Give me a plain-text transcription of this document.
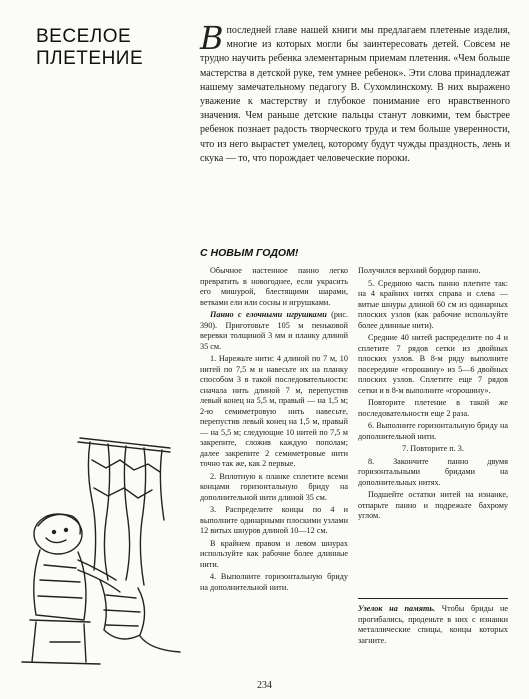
ВЕСЕЛОЕ
ПЛЕТЕНИЕ
В последней главе нашей книги мы предлагаем плетеные изделия, многие из которых могли бы заинтересовать детей. Совсем не трудно научить ребенка элементарным приемам плетения. «Чем больше мастерства в детской руке, тем умнее ребенок». Эти слова принадлежат нашему замечательному педагогу В. Сухомлинскому. В них выражено уважение к мастерству и глубокое понимание его нравственного значения. Чем раньше детские пальцы станут ловкими, тем быстрее ребенок познает радость творческого труда и тем больше уверенности, что из него вырастет умелец, которому будут чужды праздность, лень и скука — то, что порождает человеческие пороки.
С НОВЫМ ГОДОМ!

Обычное настенное панно легко превратить в новогоднее, если украсить его мишурой, блестящими шарами, ветками ели или сосны и игрушками.

Панно с елочными игрушками (рис. 390). Приготовьте 105 м пеньковой веревки толщиной 3 мм и планку длиной 35 см.

1. Нарежьте нити: 4 длиной по 7 м, 10 нитей по 7,5 м и навесьте их на планку способом 3 в такой последовательности: сначала нить длиной 7 м, перепустив левый конец на 5,5 м, правый — на 1,5 м; 2-ю семиметровую нить навесьте, перепустив левый конец на 1,5 м, правый — на 5,5 м; следующие 10 нитей по 7,5 м закрепите, сложив каждую пополам; далее закрепите 2 семиметровые нити точно так же, как 2 первые.

2. Вплотную к планке сплетите всеми концами горизонтальную бриду на дополнительной нити длиной 35 см.

3. Распределите концы по 4 и выполните одинарными плоскими узлами 12 витых шнуров длиной 10—12 см.

В крайнем правом и левом шнурах используйте как рабочие более длинные нити.

4. Выполните горизонтальную бриду на дополнительной нити.

Получился верхний бордюр панно.

5. Среднюю часть панно плетите так: на 4 крайних нитях справа и слева — витые шнуры длиной 60 см из одинарных плоских узлов (как рабочие используйте более длинные нити).

Средние 40 нитей распределите по 4 и сплетите 7 рядов сетки из двойных плоских узлов. В 8-м ряду выполните посередине «горошину» из 5—6 двойных плоских узлов. Сплетите еще 7 рядов сетки и в 8-м выполните «горошину».

Повторите плетение в такой же последовательности еще 2 раза.

6. Выполните горизонтальную бриду на дополнительной нити.

7. Повторите п. 3.

8. Закончите панно двумя горизонтальными бридами на дополнительных нитях.

Подшейте остатки нитей на изнанке, отпарьте панно и подрежьте бахрому углом.

Узелок на память. Чтобы бриды не прогибались, проденьте в них с изнанки металлические спицы, концы которых загните.
234
